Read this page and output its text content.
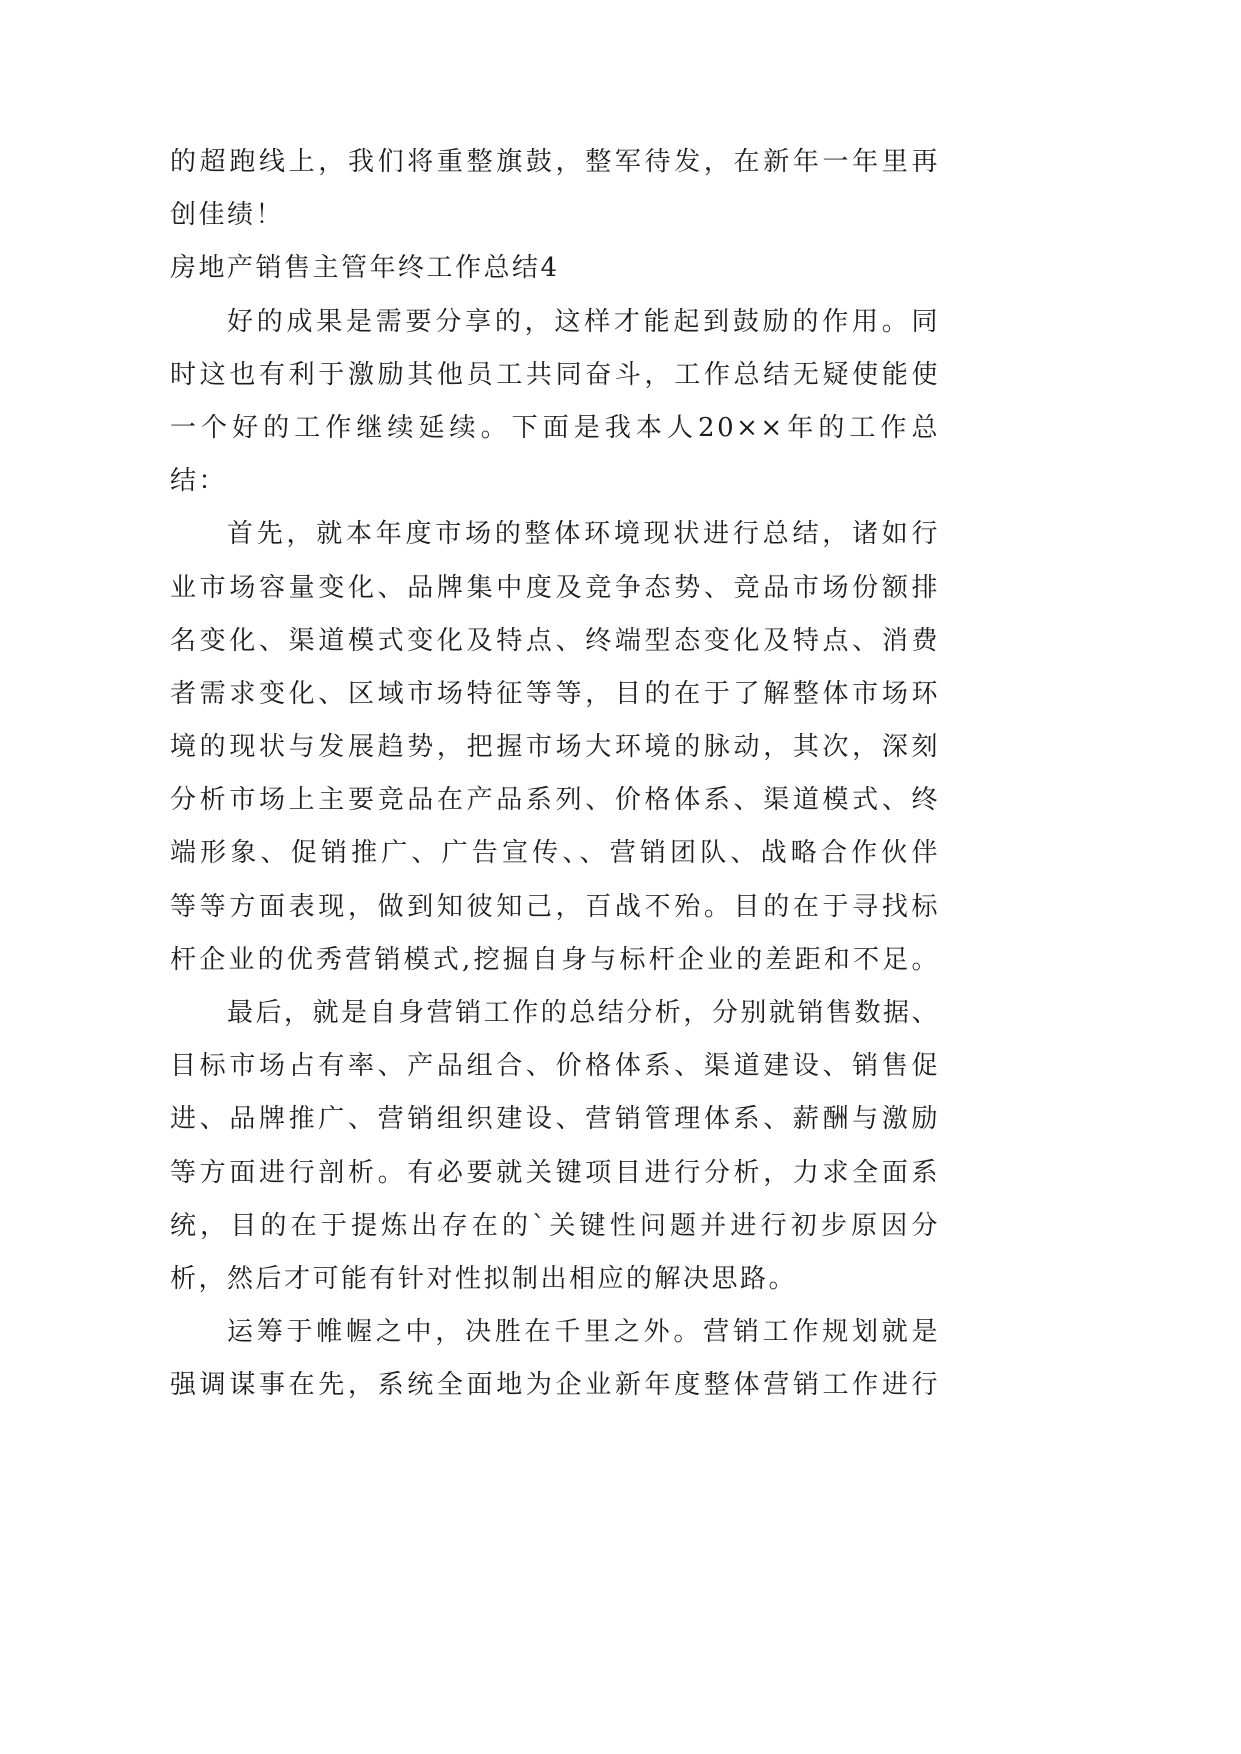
的超跑线上，我们将重整旗鼓，整军待发，在新年一年里再
创佳绩！
房地产销售主管年终工作总结4
好的成果是需要分享的，这样才能起到鼓励的作用。同
时这也有利于激励其他员工共同奋斗，工作总结无疑使能使
一个好的工作继续延续。下面是我本人20××年的工作总
结：
首先，就本年度市场的整体环境现状进行总结，诸如行
业市场容量变化、品牌集中度及竞争态势、竞品市场份额排
名变化、渠道模式变化及特点、终端型态变化及特点、消费
者需求变化、区域市场特征等等，目的在于了解整体市场环
境的现状与发展趋势，把握市场大环境的脉动，其次，深刻
分析市场上主要竞品在产品系列、价格体系、渠道模式、终
端形象、促销推广、广告宣传、、营销团队、战略合作伙伴
等等方面表现，做到知彼知己，百战不殆。目的在于寻找标
杆企业的优秀营销模式,挖掘自身与标杆企业的差距和不足。
最后，就是自身营销工作的总结分析，分别就销售数据、
目标市场占有率、产品组合、价格体系、渠道建设、销售促
进、品牌推广、营销组织建设、营销管理体系、薪酬与激励
等方面进行剖析。有必要就关键项目进行分析，力求全面系
统，目的在于提炼出存在的`关键性问题并进行初步原因分
析，然后才可能有针对性拟制出相应的解决思路。
运筹于帷幄之中，决胜在千里之外。营销工作规划就是
强调谋事在先，系统全面地为企业新年度整体营销工作进行
